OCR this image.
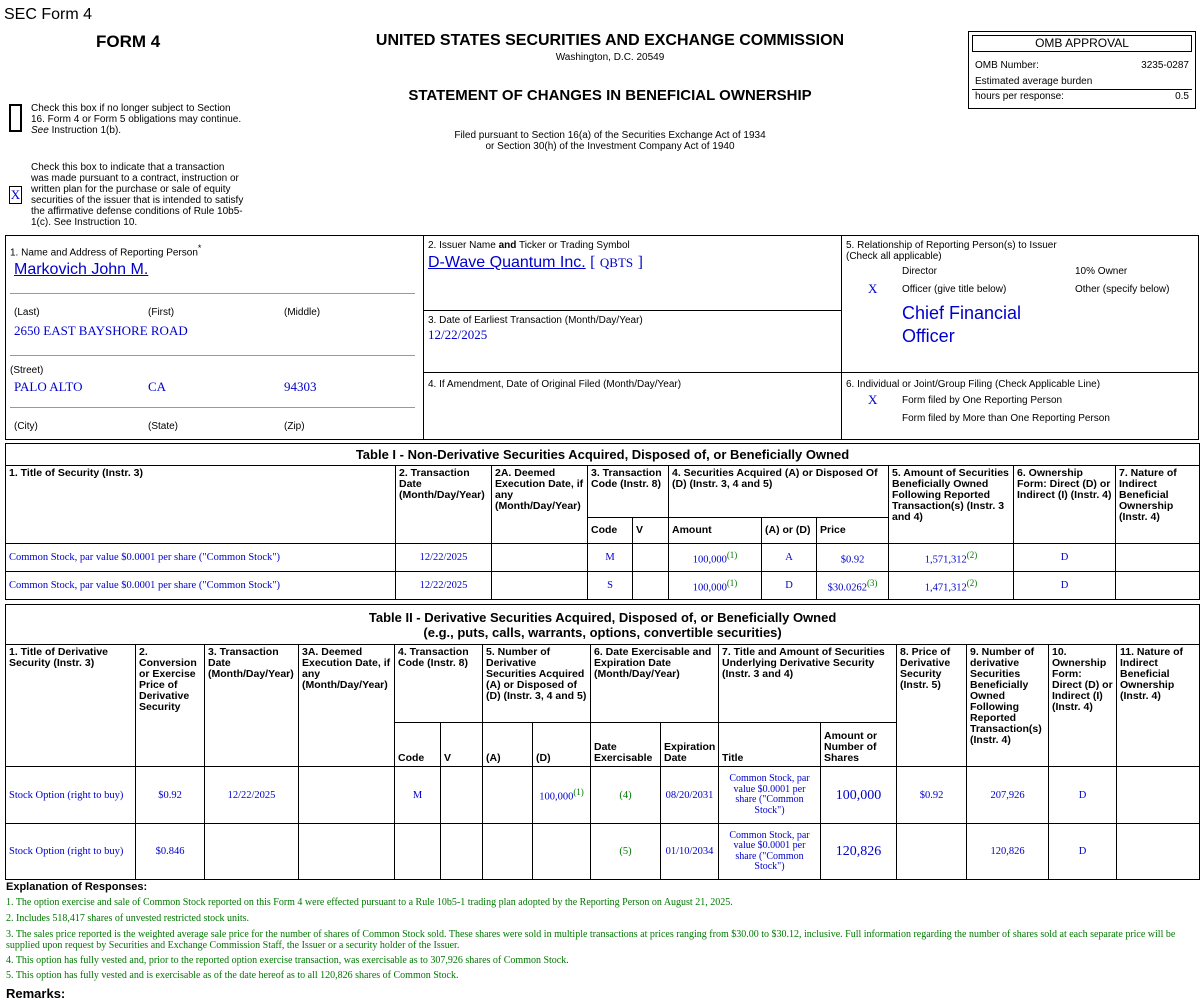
SEC Form 4
FORM 4	UNITED STATES SECURITIES AND EXCHANGE COMMISSION
Washington, D.C. 20549
STATEMENT OF CHANGES IN BENEFICIAL OWNERSHIP
Filed pursuant to Section 16(a) of the Securities Exchange Act of 1934
or Section 30(h) of the Investment Company Act of 1940
OMB APPROVAL
OMB Number:	3235-0287
Estimated average burden
hours per response:	0.5
Check this box if no longer subject to Section
16. Form 4 or Form 5 obligations may continue.
See Instruction 1(b).
X
Check this box to indicate that a transaction
was made pursuant to a contract, instruction or
written plan for the purchase or sale of equity
securities of the issuer that is intended to satisfy
the affirmative defense conditions of Rule 10b5-
1(c). See Instruction 10.
1. Name and Address of Reporting Person*
Markovich John M.
(Last)	(First)	(Middle)
2650 EAST BAYSHORE ROAD
(Street)
PALO ALTO	CA	94303
(City)	(State)	(Zip)
2. Issuer Name and Ticker or Trading Symbol
D-Wave Quantum Inc. [ QBTS ]
3. Date of Earliest Transaction (Month/Day/Year)
12/22/2025
4. If Amendment, Date of Original Filed (Month/Day/Year)
5. Relationship of Reporting Person(s) to Issuer
(Check all applicable)
Director	10% Owner
X Officer (give title below)	Other (specify below)
Chief Financial
Officer
6. Individual or Joint/Group Filing (Check Applicable Line)
X Form filed by One Reporting Person
Form filed by More than One Reporting Person
Table I - Non-Derivative Securities Acquired, Disposed of, or Beneficially Owned										
1. Title of Security (Instr. 3)	2. Transaction Date (Month/Day/Year)	2A. Deemed Execution Date, if any (Month/Day/Year)	3. Transaction Code (Instr. 8)		4. Securities Acquired (A) or Disposed Of (D) (Instr. 3, 4 and 5)			5. Amount of Securities Beneficially Owned Following Reported Transaction(s) (Instr. 3 and 4)	6. Ownership Form: Direct (D) or Indirect (I) (Instr. 4)	7. Nature of Indirect Beneficial Ownership (Instr. 4)
			Code	V	Amount	(A) or (D)	Price			
Common Stock, par value $0.0001 per share ("Common Stock")	12/22/2025		M		100,000$^{(1)}$	A	$0.92	1,571,312$^{(2)}$	D	
Common Stock, par value $0.0001 per share ("Common Stock")	12/22/2025		S		100,000$^{(1)}$	D	$30.0262$^{(3)}$	1,471,312$^{(2)}$	D	
Table II - Derivative Securities Acquired, Disposed of, or Beneficially Owned
(e.g., puts, calls, warrants, options, convertible securities)															

1. Title of Derivative Security (Instr. 3)	2. Conversion or Exercise Price of Derivative Security	3. Transaction Date (Month/Day/Year)	3A. Deemed Execution Date, if any (Month/Day/Year)	4. Transaction Code (Instr. 8)		5. Number of Derivative Securities Acquired (A) or Disposed of (D) (Instr. 3, 4 and 5)		6. Date Exercisable and Expiration Date (Month/Day/Year)		7. Title and Amount of Securities Underlying Derivative Security (Instr. 3 and 4)		8. Price of Derivative Security (Instr. 5)	9. Number of derivative Securities Beneficially Owned Following Reported Transaction(s) (Instr. 4)	10. Ownership Form: Direct (D) or Indirect (I) (Instr. 4)	11. Nature of Indirect Beneficial Ownership (Instr. 4)
				Code	V	(A)	(D)	Date Exercisable	Expiration Date	Title	Amount or Number of Shares				
Stock Option (right to buy)	$0.92	12/22/2025		M			100,000$^{(1)}$	(4)	08/20/2031	Common Stock, par value $0.0001 per share ("Common Stock")	100,000	$0.92	207,926	D	
Stock Option (right to buy)	$0.846							(5)	01/10/2034	Common Stock, par value $0.0001 per share ("Common Stock")	120,826		120,826	D	
Explanation of Responses:
1. The option exercise and sale of Common Stock reported on this Form 4 were effected pursuant to a Rule 10b5-1 trading plan adopted by the Reporting Person on August 21, 2025.
2. Includes 518,417 shares of unvested restricted stock units.
3. The sales price reported is the weighted average sale price for the number of shares of Common Stock sold. These shares were sold in multiple transactions at prices ranging from $30.00 to $30.12, inclusive. Full information regarding the number of shares sold at each separate price will be supplied upon request by Securities and Exchange Commission Staff, the Issuer or a security holder of the Issuer.
4. This option has fully vested and, prior to the reported option exercise transaction, was exercisable as to 307,926 shares of Common Stock.
5. This option has fully vested and is exercisable as of the date hereof as to all 120,826 shares of Common Stock.
Remarks:
